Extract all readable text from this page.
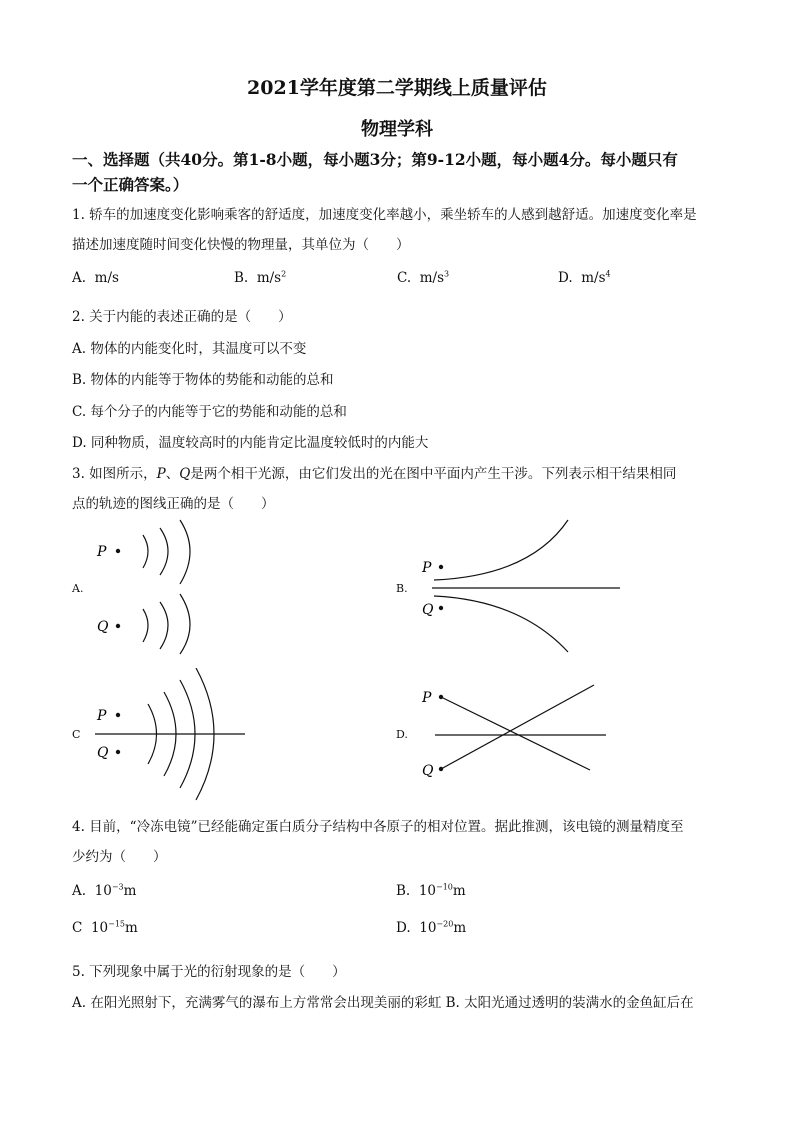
2021学年度第二学期线上质量评估
物理学科
一、选择题（共40分。第1-8小题，每小题3分；第9-12小题，每小题4分。每小题只有
一个正确答案。）
1. 轿车的加速度变化影响乘客的舒适度，加速度变化率越小，乘坐轿车的人感到越舒适。加速度变化率是
描述加速度随时间变化快慢的物理量，其单位为（　　）
A. m/s	B. $m/s^2$	C. $m/s^3$	D. $m/s^4$
2. 关于内能的表述正确的是（　　）
A. 物体的内能变化时，其温度可以不变
B. 物体的内能等于物体的势能和动能的总和
C. 每个分子的内能等于它的势能和动能的总和
D. 同种物质，温度较高时的内能肯定比温度较低时的内能大
3. 如图所示，P、Q是两个相干光源，由它们发出的光在图中平面内产生干涉。下列表示相干结果相同
点的轨迹的图线正确的是（　　）
P
Q
A.
P
Q
B.
P
Q
C
P
Q
D.
4. 目前，“冷冻电镜”已经能确定蛋白质分子结构中各原子的相对位置。据此推测，该电镜的测量精度至
少约为（　　）
A. $10^{-3}m$	B. $10^{-10}m$
C $10^{-15}m$	D. $10^{-20}m$
5. 下列现象中属于光的衍射现象的是（　　）
A. 在阳光照射下，充满雾气的瀑布上方常常会出现美丽的彩虹 B. 太阳光通过透明的装满水的金鱼缸后在
